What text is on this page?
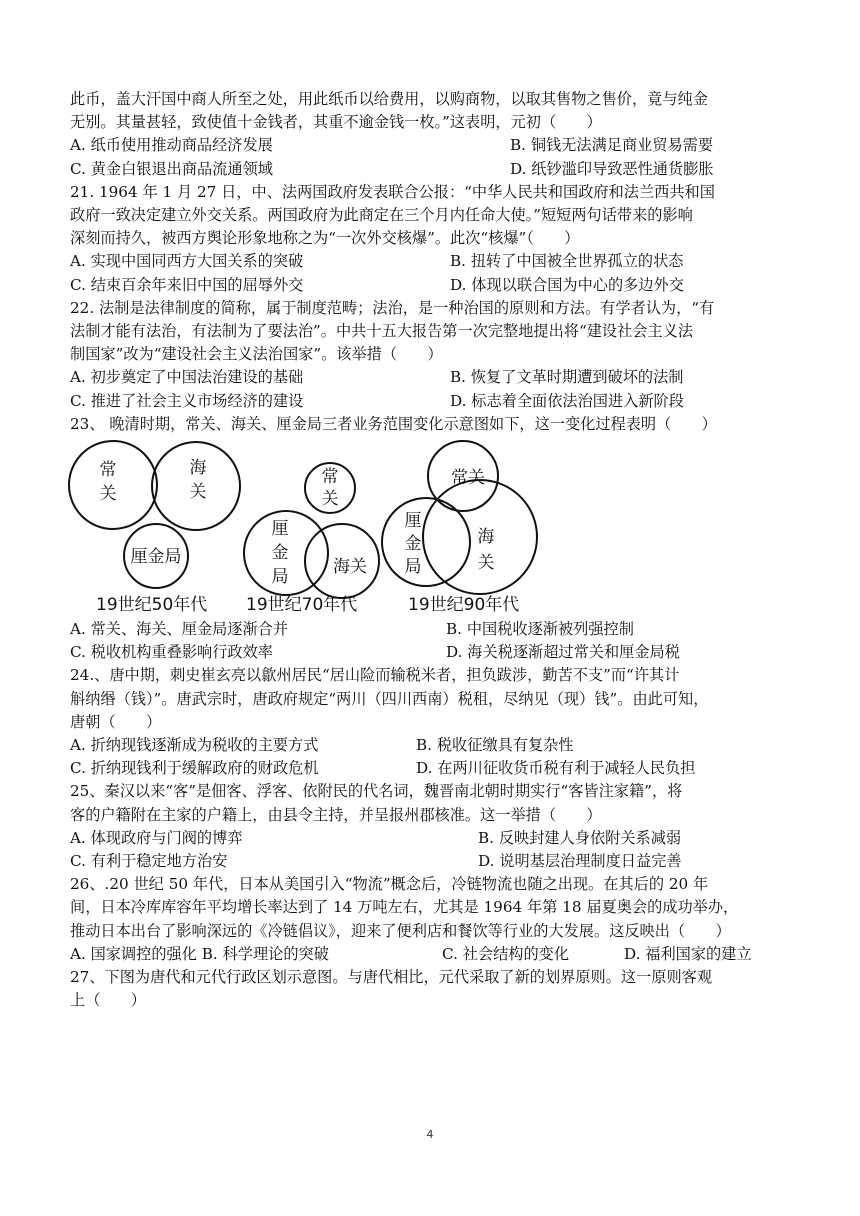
此币，盖大汗国中商人所至之处，用此纸币以给费用，以购商物，以取其售物之售价，竟与纯金

无别。其量甚轻，致使值十金钱者，其重不逾金钱一枚。”这表明，元初（　　）

A. 纸币使用推动商品经济发展	B. 铜钱无法满足商业贸易需要
C. 黄金白银退出商品流通领域	D. 纸钞滥印导致恶性通货膨胀

21. 1964 年 1 月 27 日，中、法两国政府发表联合公报：“中华人民共和国政府和法兰西共和国

政府一致决定建立外交关系。两国政府为此商定在三个月内任命大使。”短短两句话带来的影响

深刻而持久，被西方舆论形象地称之为“一次外交核爆”。此次“核爆”（　　）

A. 实现中国同西方大国关系的突破	B. 扭转了中国被全世界孤立的状态
C. 结束百余年来旧中国的屈辱外交	D. 体现以联合国为中心的多边外交

22. 法制是法律制度的简称，属于制度范畴；法治，是一种治国的原则和方法。有学者认为，“有

法制才能有法治，有法制为了要法治”。中共十五大报告第一次完整地提出将“建设社会主义法

制国家”改为“建设社会主义法治国家”。该举措（　　）

A. 初步奠定了中国法治建设的基础	B. 恢复了文革时期遭到破坏的法制
C. 推进了社会主义市场经济的建设	D. 标志着全面依法治国进入新阶段

23、 晚清时期，常关、海关、厘金局三者业务范围变化示意图如下，这一变化过程表明（　　）

常
关
海
关
厘金局
常
关
厘
金
局	海关
常关
厘
金
局
海
关
19世纪50年代 19世纪70年代	19世纪90年代
A. 常关、海关、厘金局逐渐合并	B. 中国税收逐渐被列强控制
C. 税收机构重叠影响行政效率	D. 海关税逐渐超过常关和厘金局税

24.、唐中期，刺史崔玄亮以歙州居民“居山险而输税米者，担负跋涉，勤苦不支”而“许其计

斛纳缗（钱）”。唐武宗时，唐政府规定“两川（四川西南）税租，尽纳见（现）钱”。由此可知，

唐朝（　　）

A. 折纳现钱逐渐成为税收的主要方式	B. 税收征缴具有复杂性
C. 折纳现钱利于缓解政府的财政危机	D. 在两川征收货币税有利于减轻人民负担

25、秦汉以来“客”是佃客、浮客、依附民的代名词，魏晋南北朝时期实行“客皆注家籍”，将

客的户籍附在主家的户籍上，由县令主持，并呈报州郡核准。这一举措（　　）

A. 体现政府与门阀的博弈	B. 反映封建人身依附关系减弱
C. 有利于稳定地方治安	D. 说明基层治理制度日益完善

26、.20 世纪 50 年代，日本从美国引入“物流”概念后，冷链物流也随之出现。在其后的 20 年

间，日本冷库库容年平均增长率达到了 14 万吨左右，尤其是 1964 年第 18 届夏奥会的成功举办，

推动日本出台了影响深远的《冷链倡议》，迎来了便利店和餐饮等行业的大发展。这反映出（　　）

A. 国家调控的强化 B. 科学理论的突破	C. 社会结构的变化	D. 福利国家的建立

27、下图为唐代和元代行政区划示意图。与唐代相比，元代采取了新的划界原则。这一原则客观

上（　　）

4
